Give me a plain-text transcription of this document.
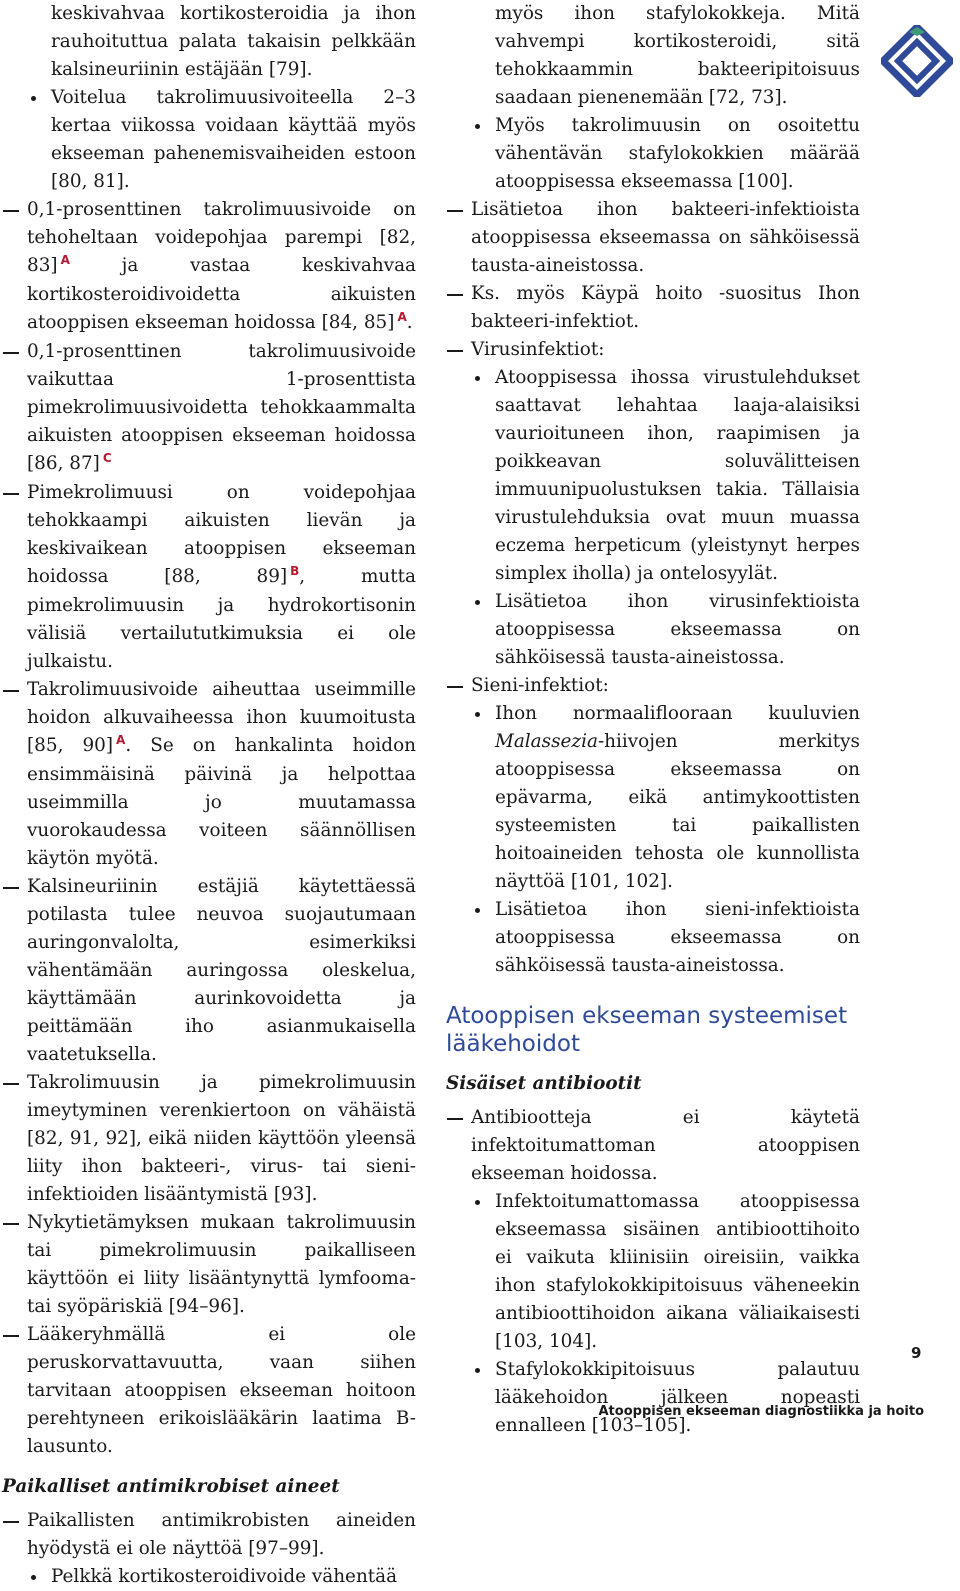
keskivahvaa kortikosteroidia ja ihon rauhoituttua palata takaisin pelkkään kalsineuriinin estäjään [79].
Voitelua takrolimuusivoiteella 2–3 kertaa viikossa voidaan käyttää myös ekseeman pahenemisvaiheiden estoon [80, 81].
0,1-prosenttinen takrolimuusivoide on tehoheltaan voidepohjaa parempi [82, 83] $^A$ ja vastaa keskivahvaa kortikosteroidivoidetta aikuisten atooppisen ekseeman hoidossa [84, 85] $^A$.
0,1-prosenttinen takrolimuusivoide vaikuttaa 1-prosenttista pimekrolimuusivoidetta tehokkaammalta aikuisten atooppisen ekseeman hoidossa [86, 87] $^C$
Pimekrolimuusi on voidepohjaa tehokkaampi aikuisten lievän ja keskivaikean atooppisen ekseeman hoidossa [88, 89] $^B$, mutta pimekrolimuusin ja hydrokortisonin välisiä vertailututkimuksia ei ole julkaistu.
Takrolimuusivoide aiheuttaa useimmille hoidon alkuvaiheessa ihon kuumoitusta [85, 90] $^A$. Se on hankalinta hoidon ensimmäisinä päivinä ja helpottaa useimmilla jo muutamassa vuorokaudessa voiteen säännöllisen käytön myötä.
Kalsineuriinin estäjiä käytettäessä potilasta tulee neuvoa suojautumaan auringonvalolta, esimerkiksi vähentämään auringossa oleskelua, käyttämään aurinkovoidetta ja peittämään iho asianmukaisella vaatetuksella.
Takrolimuusin ja pimekrolimuusin imeytyminen verenkiertoon on vähäistä [82, 91, 92], eikä niiden käyttöön yleensä liity ihon bakteeri-, virus- tai sieni-infektioiden lisääntymistä [93].
Nykytietämyksen mukaan takrolimuusin tai pimekrolimuusin paikalliseen käyttöön ei liity lisääntynyttä lymfooma- tai syöpäriskiä [94–96].
Lääkeryhmällä ei ole peruskorvattavuutta, vaan siihen tarvitaan atooppisen ekseeman hoitoon perehtyneen erikoislääkärin laatima B-lausunto.
Paikalliset antimikrobiset aineet
Paikallisten antimikrobisten aineiden hyödystä ei ole näyttöä [97–99].
Pelkkä kortikosteroidivoide vähentää
myös ihon stafylokokkeja. Mitä vahvempi kortikosteroidi, sitä tehokkaammin bakteeripitoisuus saadaan pienenemään [72, 73].
Myös takrolimuusin on osoitettu vähentävän stafylokokkien määrää atooppisessa ekseemassa [100].
Lisätietoa ihon bakteeri-infektioista atooppisessa ekseemassa on sähköisessä tausta-aineistossa.
Ks. myös Käypä hoito -suositus Ihon bakteeri-infektiot.
Virusinfektiot:
Atooppisessa ihossa virustulehdukset saattavat lehahtaa laaja-alaisiksi vaurioituneen ihon, raapimisen ja poikkeavan soluvälitteisen immuunipuolustuksen takia. Tällaisia virustulehduksia ovat muun muassa eczema herpeticum (yleistynyt herpes simplex iholla) ja ontelosyylät.
Lisätietoa ihon virusinfektioista atooppisessa ekseemassa on sähköisessä tausta-aineistossa.
Sieni-infektiot:
Ihon normaaliflooraan kuuluvien Malassezia-hiivojen merkitys atooppisessa ekseemassa on epävarma, eikä antimykoottisten systeemisten tai paikallisten hoitoaineiden tehosta ole kunnollista näyttöä [101, 102].
Lisätietoa ihon sieni-infektioista atooppisessa ekseemassa on sähköisessä tausta-aineistossa.
Atooppisen ekseeman systeemiset lääkehoidot
Sisäiset antibiootit
Antibiootteja ei käytetä infektoitumattoman atooppisen ekseeman hoidossa.
Infektoitumattomassa atooppisessa ekseemassa sisäinen antibioottihoito ei vaikuta kliinisiin oireisiin, vaikka ihon stafylokokkipitoisuus väheneekin antibioottihoidon aikana väliaikaisesti [103, 104].
Stafylokokkipitoisuus palautuu lääkehoidon jälkeen nopeasti ennalleen [103–105].
9
Atooppisen ekseeman diagnostiikka ja hoito
